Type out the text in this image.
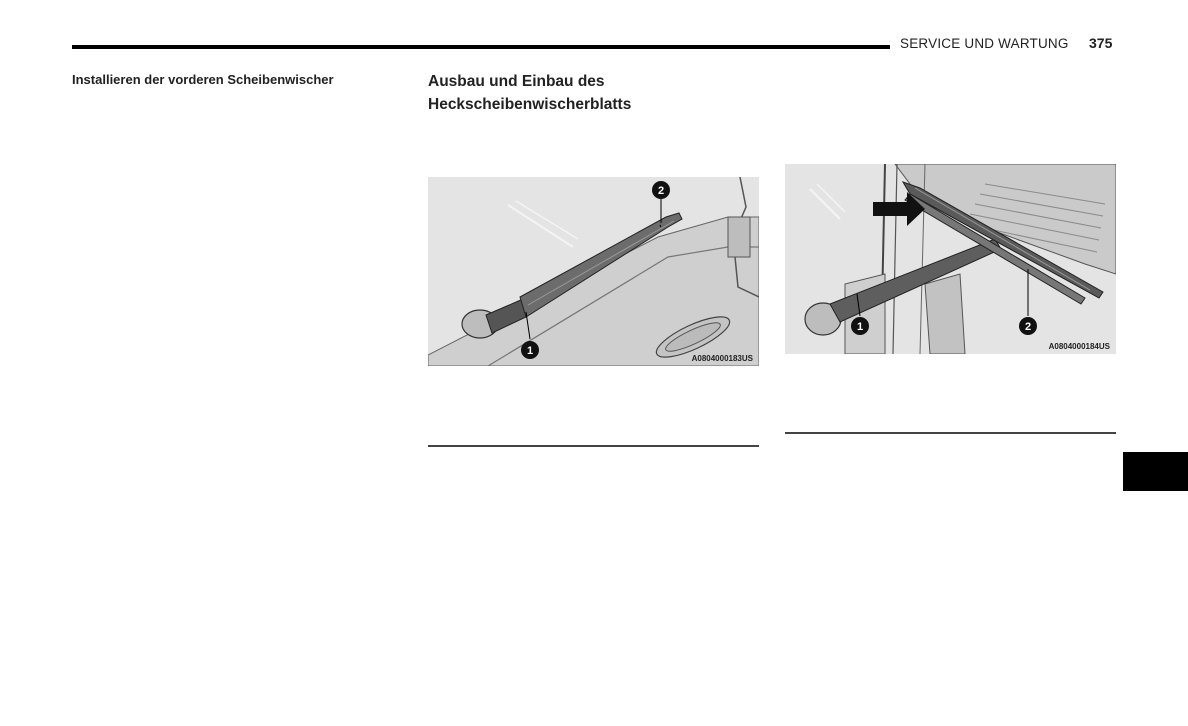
SERVICE UND WARTUNG 375
Installieren der vorderen Scheibenwischer	Ausbau und Einbau des Heckscheibenwischerblatts
1
2
A0804000183US
1	2
A0804000184US
